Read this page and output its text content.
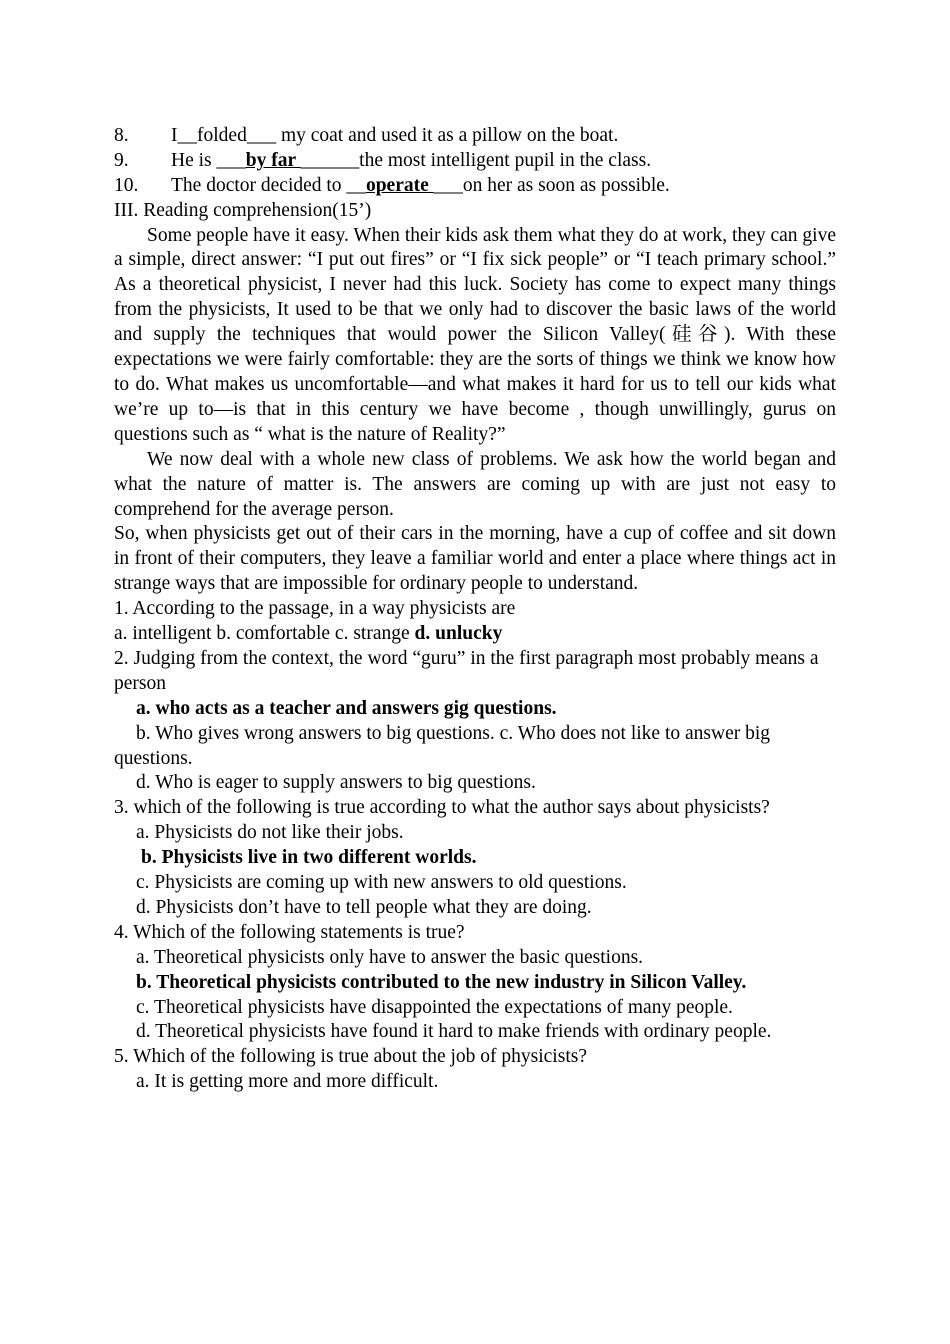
8. I__folded___ my coat and used it as a pillow on the boat.
9. He is ___by far ______the most intelligent pupil in the class.
10. The doctor decided to __operate ___on her as soon as possible.
III. Reading comprehension(15’)

Some people have it easy. When their kids ask them what they do at work, they can give a simple, direct answer: “I put out fires” or “I fix sick people” or “I teach primary school.” As a theoretical physicist, I never had this luck. Society has come to expect many things from the physicists, It used to be that we only had to discover the basic laws of the world and supply the techniques that would power the Silicon Valley(硅谷). With these expectations we were fairly comfortable: they are the sorts of things we think we know how to do. What makes us uncomfortable—and what makes it hard for us to tell our kids what we’re up to—is that in this century we have become , though unwillingly, gurus on questions such as “ what is the nature of Reality?”

We now deal with a whole new class of problems. We ask how the world began and what the nature of matter is. The answers are coming up with are just not easy to comprehend for the average person.

So, when physicists get out of their cars in the morning, have a cup of coffee and sit down in front of their computers, they leave a familiar world and enter a place where things act in strange ways that are impossible for ordinary people to understand.

1. According to the passage, in a way physicists are
a. intelligent b. comfortable c. strange d. unlucky

2. Judging from the context, the word “guru” in the first paragraph most probably means a person

a. who acts as a teacher and answers gig questions.

b. Who gives wrong answers to big questions. c. Who does not like to answer big questions.

d. Who is eager to supply answers to big questions.

3. which of the following is true according to what the author says about physicists?

a. Physicists do not like their jobs.
b. Physicists live in two different worlds.
c. Physicists are coming up with new answers to old questions.
d. Physicists don’t have to tell people what they are doing.
4. Which of the following statements is true?
a. Theoretical physicists only have to answer the basic questions.

b. Theoretical physicists contributed to the new industry in Silicon Valley.

c. Theoretical physicists have disappointed the expectations of many people.

d. Theoretical physicists have found it hard to make friends with ordinary people.

5. Which of the following is true about the job of physicists?
a. It is getting more and more difficult.
